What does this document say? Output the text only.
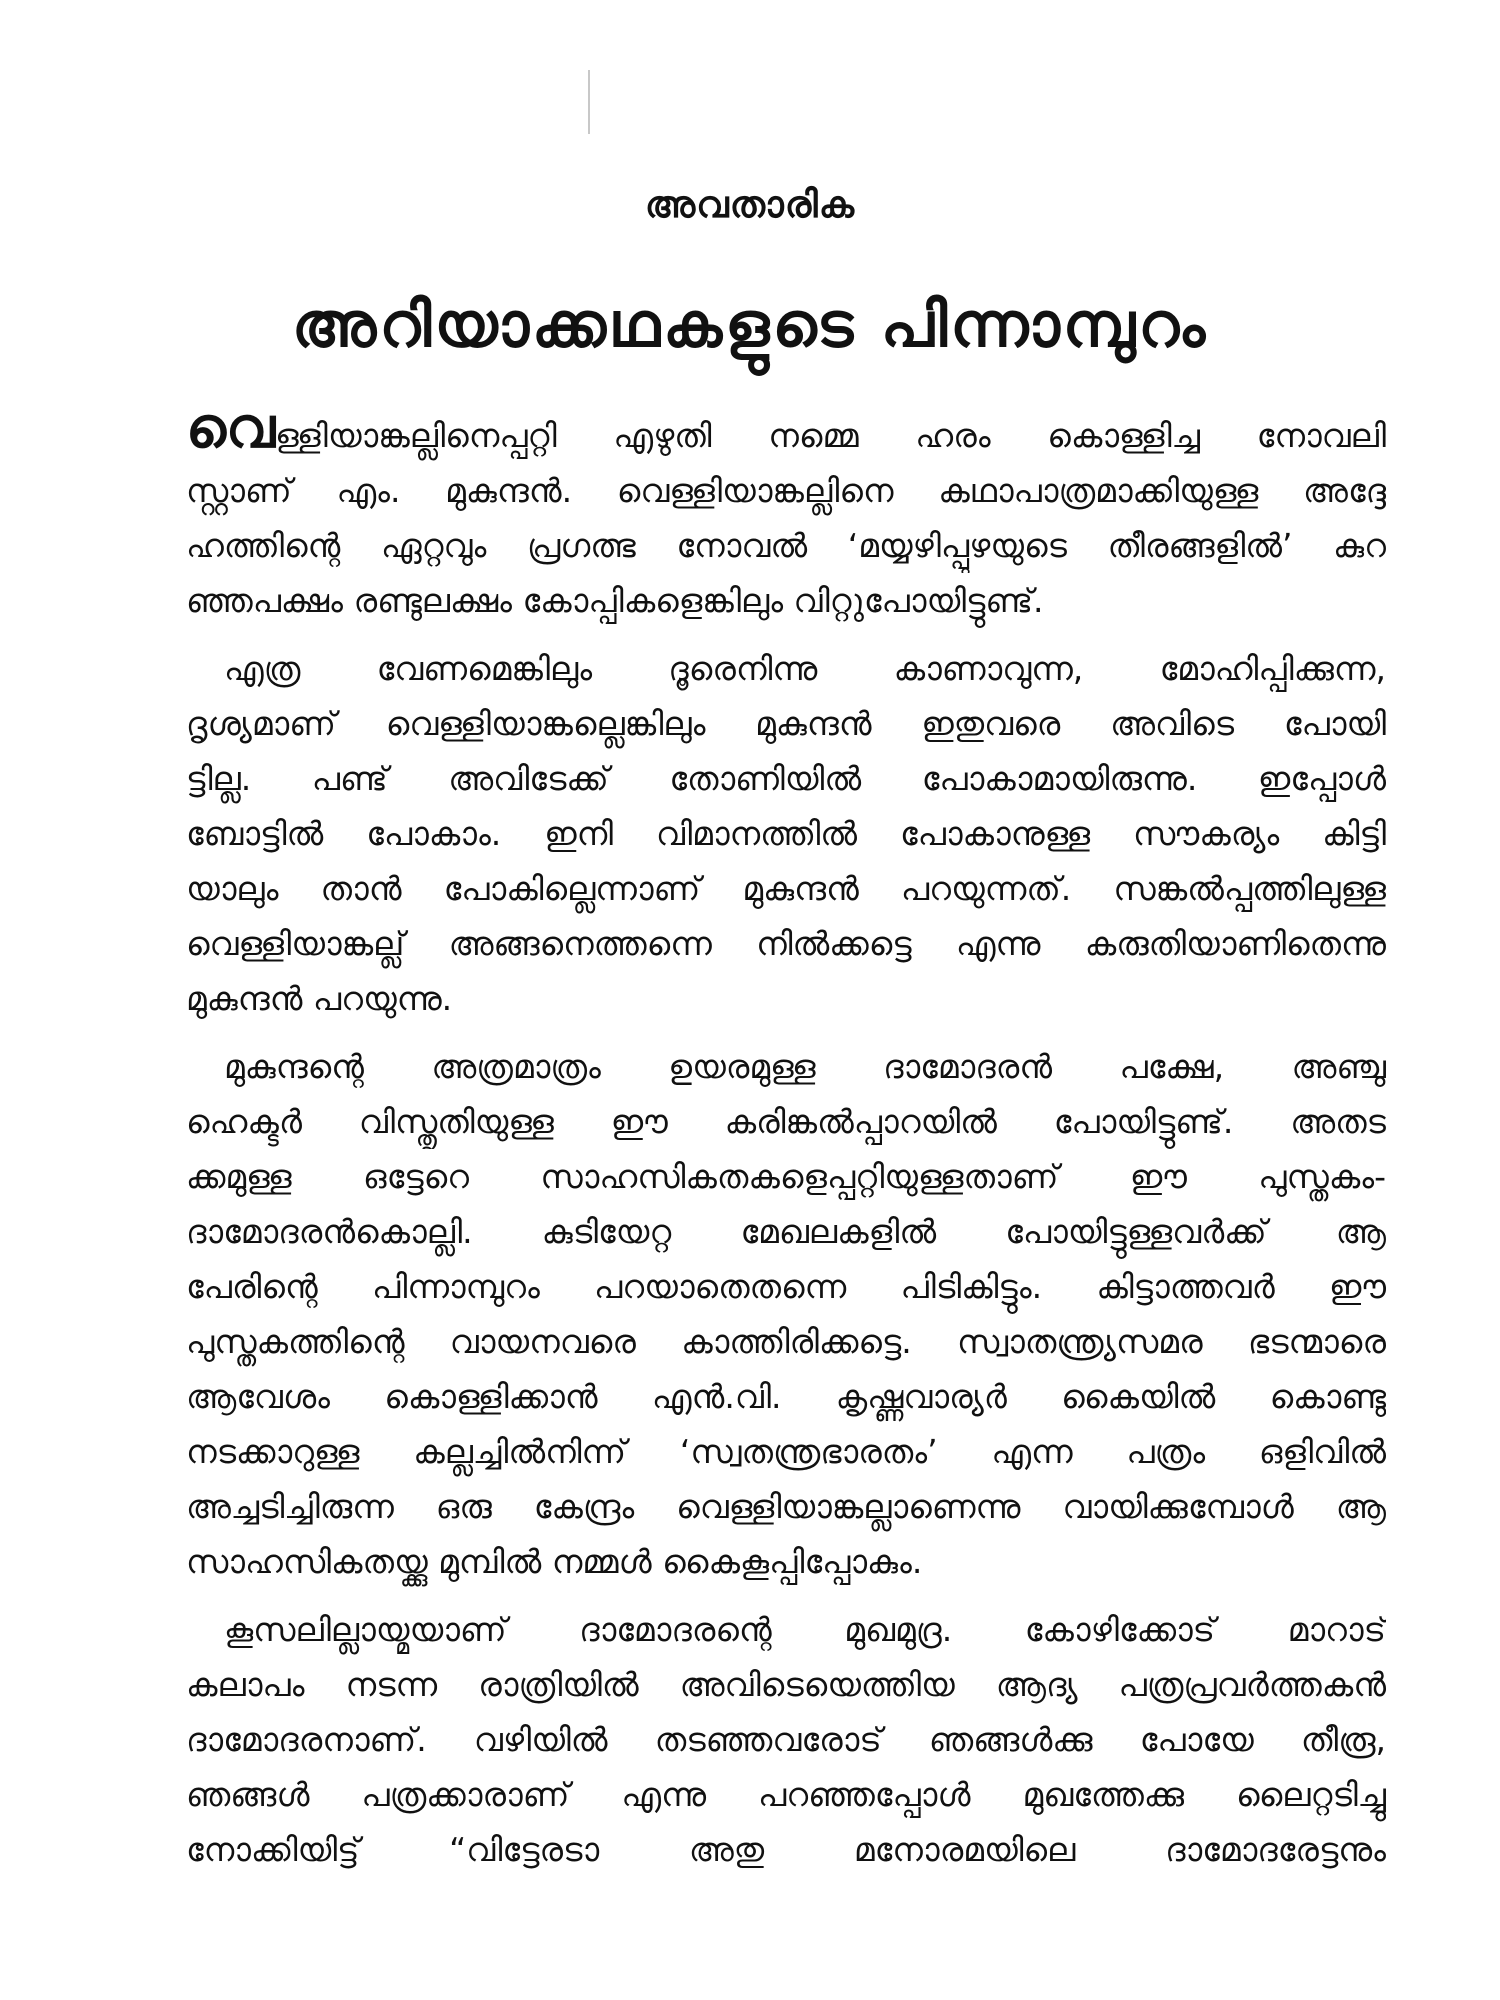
അവതാരിക
അറിയാക്കഥകളുടെ പിന്നാമ്പുറം
വെള്ളിയാങ്കല്ലിനെപ്പറ്റി എഴുതി നമ്മെ ഹരം കൊള്ളിച്ച നോവലി
സ്റ്റാണ് എം. മുകുന്ദൻ. വെള്ളിയാങ്കല്ലിനെ കഥാപാത്രമാക്കിയുള്ള അദ്ദേ
ഹത്തിന്റെ ഏറ്റവും പ്രഗത്ഭ നോവൽ ‘മയ്യഴിപ്പുഴയുടെ തീരങ്ങളിൽ’ കുറ
ഞ്ഞപക്ഷം രണ്ടുലക്ഷം കോപ്പികളെങ്കിലും വിറ്റുപോയിട്ടുണ്ട്.
എത്ര വേണമെങ്കിലും ദൂരെനിന്നു കാണാവുന്ന, മോഹിപ്പിക്കുന്ന,
ദൃശ്യമാണ് വെള്ളിയാങ്കല്ലെങ്കിലും മുകുന്ദൻ ഇതുവരെ അവിടെ പോയി
ട്ടില്ല. പണ്ട് അവിടേക്ക് തോണിയിൽ പോകാമായിരുന്നു. ഇപ്പോൾ
ബോട്ടിൽ പോകാം. ഇനി വിമാനത്തിൽ പോകാനുള്ള സൗകര്യം കിട്ടി
യാലും താൻ പോകില്ലെന്നാണ് മുകുന്ദൻ പറയുന്നത്. സങ്കൽപ്പത്തിലുള്ള
വെള്ളിയാങ്കല്ല് അങ്ങനെത്തന്നെ നിൽക്കട്ടെ എന്നു കരുതിയാണിതെന്നു
മുകുന്ദൻ പറയുന്നു.
മുകുന്ദന്റെ അത്രമാത്രം ഉയരമുള്ള ദാമോദരൻ പക്ഷേ, അഞ്ചു
ഹെക്ടർ വിസ്തൃതിയുള്ള ഈ കരിങ്കൽപ്പാറയിൽ പോയിട്ടുണ്ട്. അതട
ക്കമുള്ള ഒട്ടേറെ സാഹസികതകളെപ്പറ്റിയുള്ളതാണ് ഈ പുസ്തകം-
ദാമോദരൻകൊല്ലി. കുടിയേറ്റ മേഖലകളിൽ പോയിട്ടുള്ളവർക്ക് ആ
പേരിന്റെ പിന്നാമ്പുറം പറയാതെതന്നെ പിടികിട്ടും. കിട്ടാത്തവർ ഈ
പുസ്തകത്തിന്റെ വായനവരെ കാത്തിരിക്കട്ടെ. സ്വാതന്ത്ര്യസമര ഭടന്മാരെ
ആവേശം കൊള്ളിക്കാൻ എൻ.വി. കൃഷ്ണവാര്യർ കൈയിൽ കൊണ്ടു
നടക്കാറുള്ള കല്ലച്ചിൽനിന്ന് ‘സ്വതന്ത്രഭാരതം’ എന്ന പത്രം ഒളിവിൽ
അച്ചടിച്ചിരുന്ന ഒരു കേന്ദ്രം വെള്ളിയാങ്കല്ലാണെന്നു വായിക്കുമ്പോൾ ആ
സാഹസികതയ്ക്കു മുമ്പിൽ നമ്മൾ കൈകൂപ്പിപ്പോകും.
കൂസലില്ലായ്മയാണ് ദാമോദരന്റെ മുഖമുദ്ര. കോഴിക്കോട് മാറാട്
കലാപം നടന്ന രാത്രിയിൽ അവിടെയെത്തിയ ആദ്യ പത്രപ്രവർത്തകൻ
ദാമോദരനാണ്. വഴിയിൽ തടഞ്ഞവരോട് ഞങ്ങൾക്കു പോയേ തീരൂ,
ഞങ്ങൾ പത്രക്കാരാണ് എന്നു പറഞ്ഞപ്പോൾ മുഖത്തേക്കു ലൈറ്റടിച്ചു
നോക്കിയിട്ട് “വിട്ടേരടാ അതു മനോരമയിലെ ദാമോദരേട്ടനും
